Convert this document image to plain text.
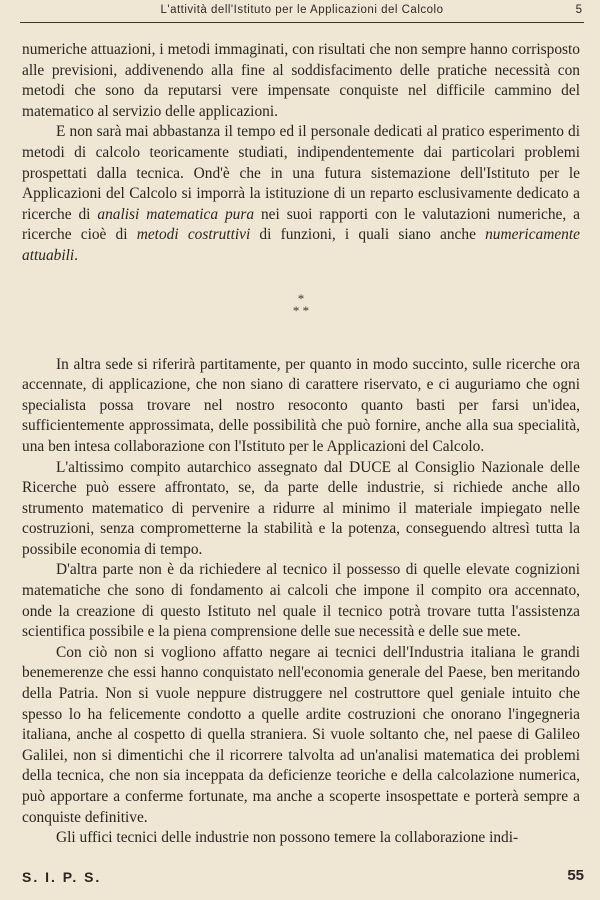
L'attività dell'Istituto per le Applicazioni del Calcolo	5

numeriche attuazioni, i metodi immaginati, con risultati che non sempre hanno corrisposto alle previsioni, addivenendo alla fine al soddisfacimento delle pratiche necessità con metodi che sono da reputarsi vere impensate conquiste nel difficile cammino del matematico al servizio delle applicazioni.

E non sarà mai abbastanza il tempo ed il personale dedicati al pratico esperimento di metodi di calcolo teoricamente studiati, indipendentemente dai particolari problemi prospettati dalla tecnica. Ond'è che in una futura sistemazione dell'Istituto per le Applicazioni del Calcolo si imporrà la istituzione di un reparto esclusivamente dedicato a ricerche di analisi matematica pura nei suoi rapporti con le valutazioni numeriche, a ricerche cioè di metodi costruttivi di funzioni, i quali siano anche numericamente attuabili.

*
* *

In altra sede si riferirà partitamente, per quanto in modo succinto, sulle ricerche ora accennate, di applicazione, che non siano di carattere riservato, e ci auguriamo che ogni specialista possa trovare nel nostro resoconto quanto basti per farsi un'idea, sufficientemente approssimata, delle possibilità che può fornire, anche alla sua specialità, una ben intesa collaborazione con l'Istituto per le Applicazioni del Calcolo.

L'altissimo compito autarchico assegnato dal DUCE al Consiglio Nazionale delle Ricerche può essere affrontato, se, da parte delle industrie, si richiede anche allo strumento matematico di pervenire a ridurre al minimo il materiale impiegato nelle costruzioni, senza comprometterne la stabilità e la potenza, conseguendo altresì tutta la possibile economia di tempo.

D'altra parte non è da richiedere al tecnico il possesso di quelle elevate cognizioni matematiche che sono di fondamento ai calcoli che impone il compito ora accennato, onde la creazione di questo Istituto nel quale il tecnico potrà trovare tutta l'assistenza scientifica possibile e la piena comprensione delle sue necessità e delle sue mete.

Con ciò non si vogliono affatto negare ai tecnici dell'Industria italiana le grandi benemerenze che essi hanno conquistato nell'economia generale del Paese, ben meritando della Patria. Non si vuole neppure distruggere nel costruttore quel geniale intuito che spesso lo ha felicemente condotto a quelle ardite costruzioni che onorano l'ingegneria italiana, anche al cospetto di quella straniera. Si vuole soltanto che, nel paese di Galileo Galilei, non si dimentichi che il ricorrere talvolta ad un'analisi matematica dei problemi della tecnica, che non sia inceppata da deficienze teoriche e della calcolazione numerica, può apportare a conferme fortunate, ma anche a scoperte insospettate e porterà sempre a conquiste definitive.

Gli uffici tecnici delle industrie non possono temere la collaborazione indi-

S. I. P. S.	55
